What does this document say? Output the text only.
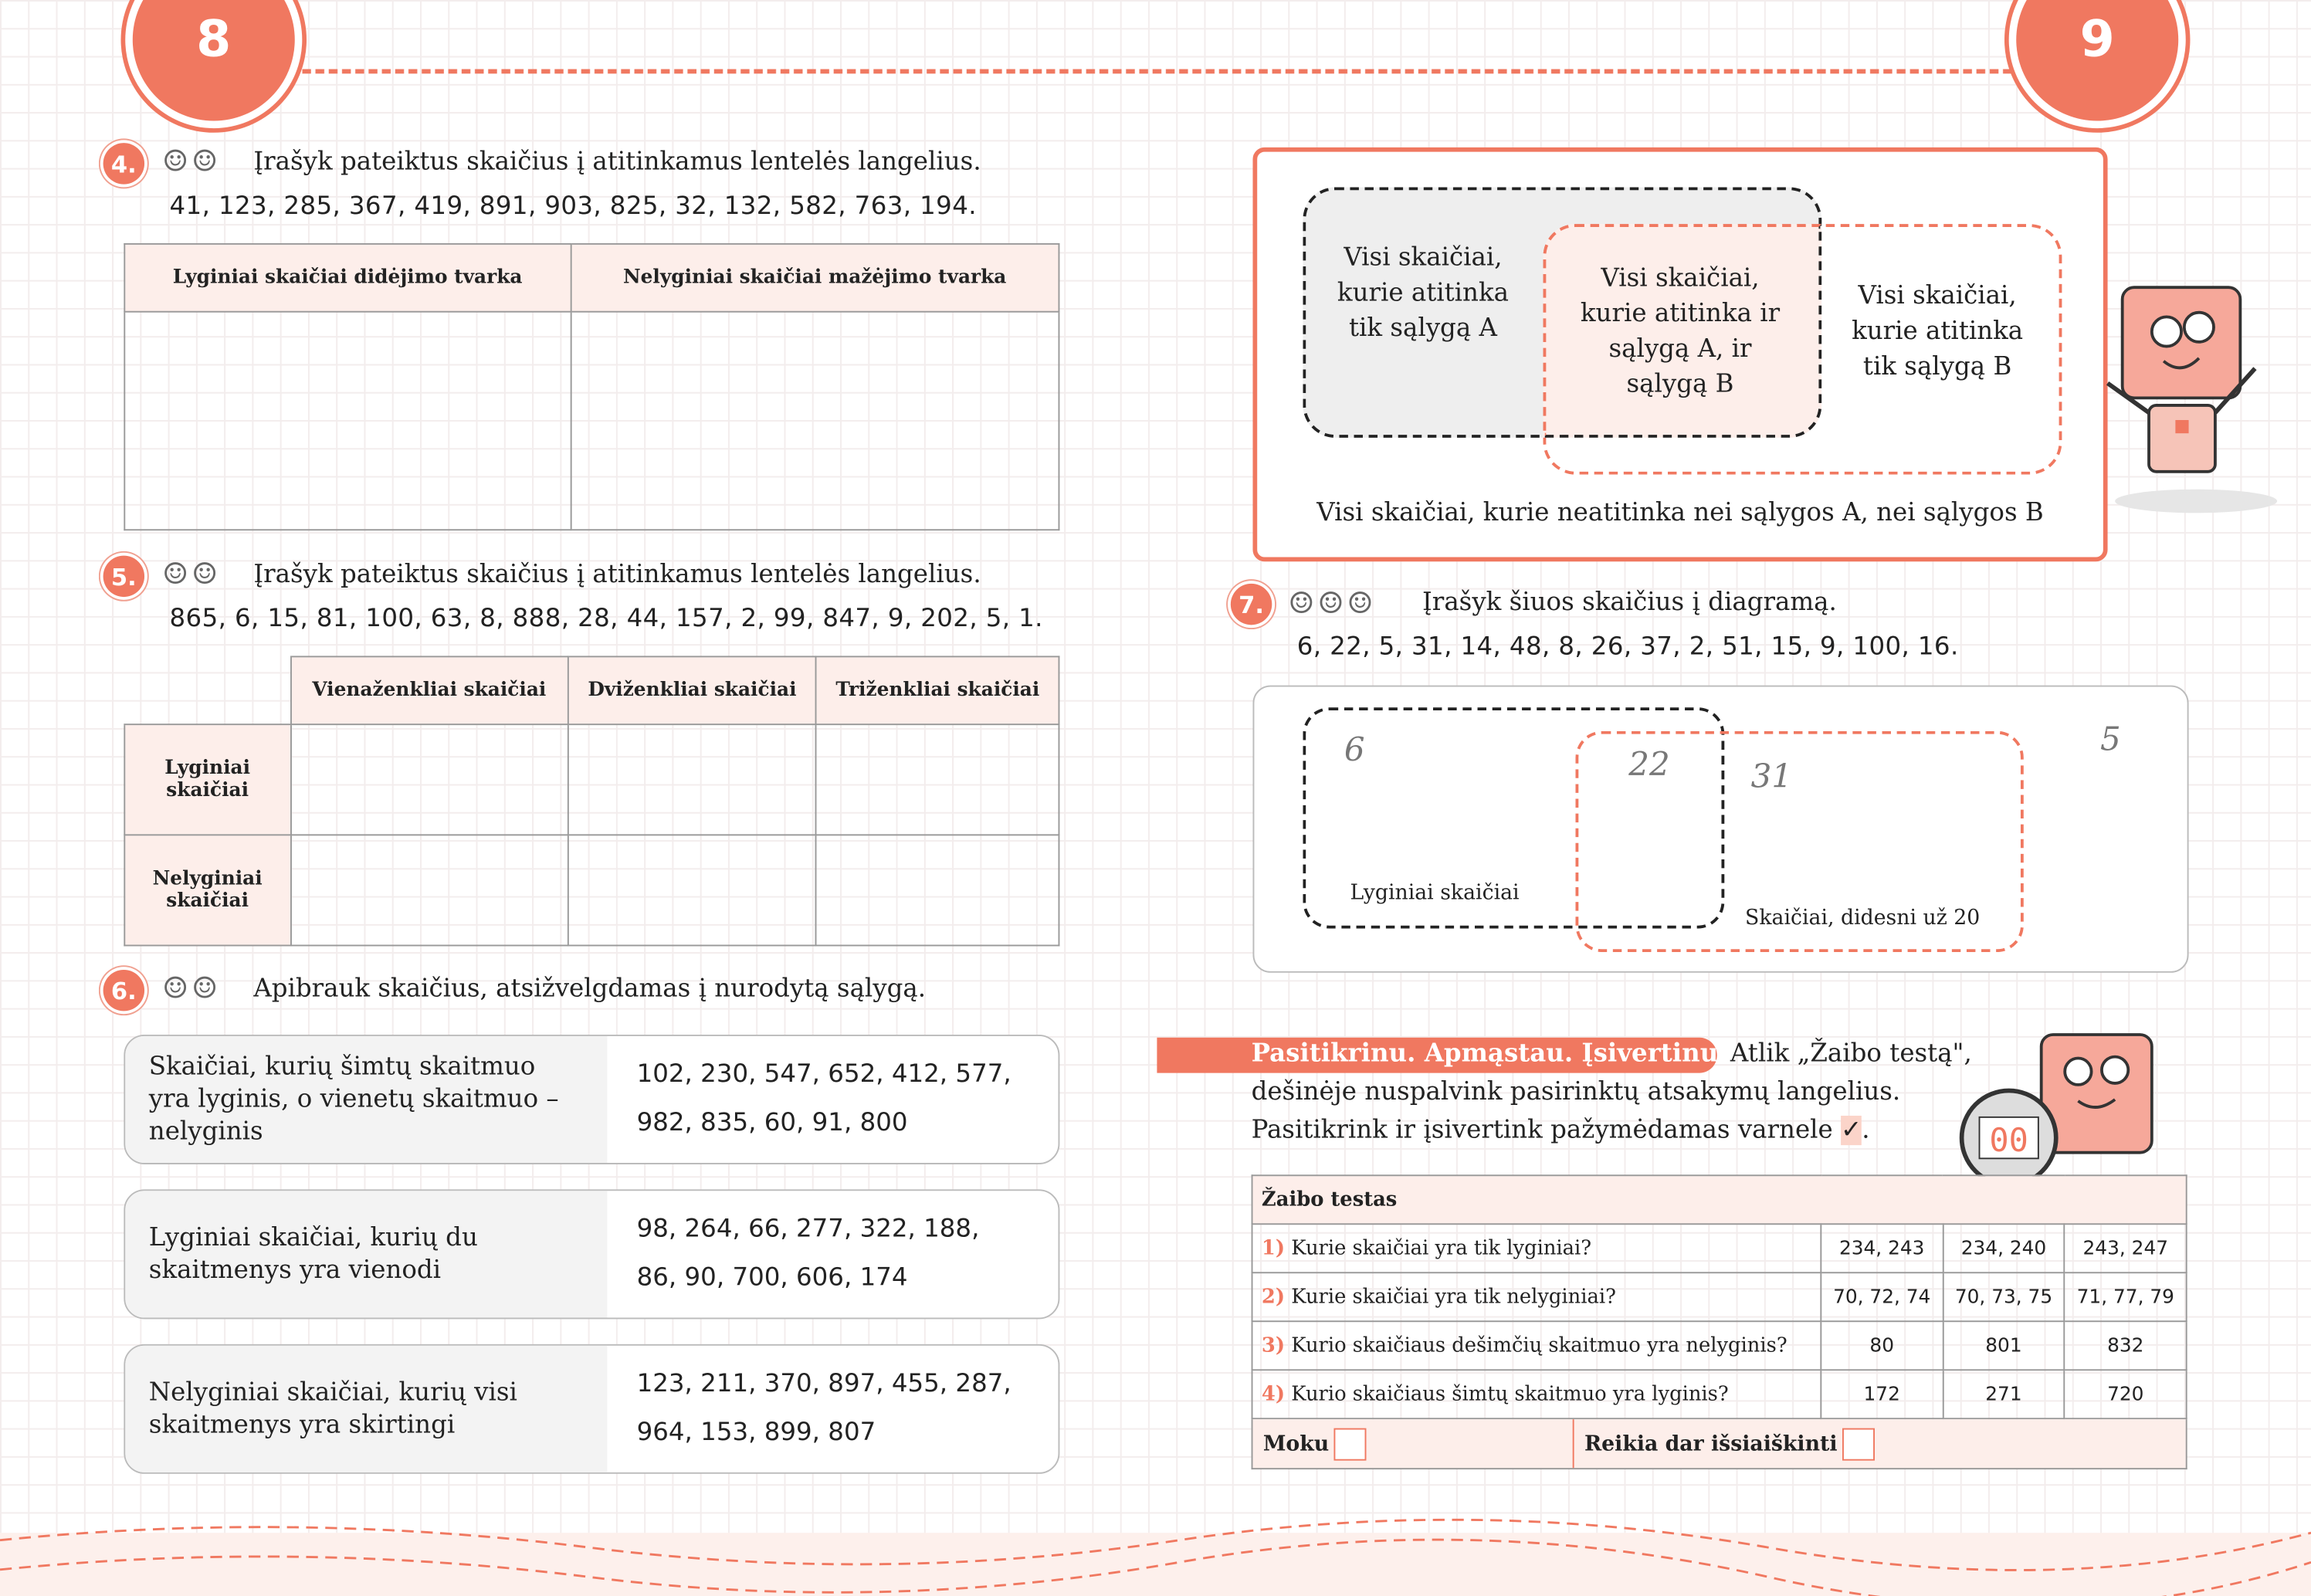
8	9
4.	☺☺ Įrašyk pateiktus skaičius į atitinkamus lentelės langelius.
41, 123, 285, 367, 419, 891, 903, 825, 32, 132, 582, 763, 194.
Lyginiai skaičiai didėjimo tvarka	Nelyginiai skaičiai mažėjimo tvarka

5.	☺☺ Įrašyk pateiktus skaičius į atitinkamus lentelės langelius.
865, 6, 15, 81, 100, 63, 8, 888, 28, 44, 157, 2, 99, 847, 9, 202, 5, 1.
	Vienaženkliai skaičiai	Dviženkliai skaičiai	Triženkliai skaičiai
Lyginiai skaičiai			
Nelyginiai skaičiai			
6.	☺☺ Apibrauk skaičius, atsižvelgdamas į nurodytą sąlygą.
Skaičiai, kurių šimtų skaitmuo yra lyginis, o vienetų skaitmuo – nelyginis
102, 230, 547, 652, 412, 577,
982, 835, 60, 91, 800
Lyginiai skaičiai, kurių du skaitmenys yra vienodi
98, 264, 66, 277, 322, 188,
86, 90, 700, 606, 174
Nelyginiai skaičiai, kurių visi skaitmenys yra skirtingi
123, 211, 370, 897, 455, 287,
964, 153, 899, 807
Visi skaičiai, kurie atitinka tik sąlygą A
Visi skaičiai, kurie atitinka ir sąlygą A, ir sąlygą B
Visi skaičiai, kurie atitinka tik sąlygą B
Visi skaičiai, kurie neatitinka nei sąlygos A, nei sąlygos B
7.	☺☺☺	Įrašyk šiuos skaičius į diagramą.
6, 22, 5, 31, 14, 48, 8, 26, 37, 2, 51, 15, 9, 100, 16.
Lyginiai skaičiai
Skaičiai, didesni už 20
6	22	31
5
Pasitikrinu. Apmąstau. Įsivertinu. Atlik „Žaibo testą",
dešinėje nuspalvink pasirinktų atsakymų langelius.
Pasitikrink ir įsivertink pažymėdamas varnele ✓.	00
Žaibo testas			
1) Kurie skaičiai yra tik lyginiai?	234, 243	234, 240	243, 247
2) Kurie skaičiai yra tik nelyginiai?	70, 72, 74	70, 73, 75	71, 77, 79
3) Kurio skaičiaus dešimčių skaitmuo yra nelyginis?	80	801	832
4) Kurio skaičiaus šimtų skaitmuo yra lyginis?	172	271	720
Moku	Reikia dar išsiaiškinti
